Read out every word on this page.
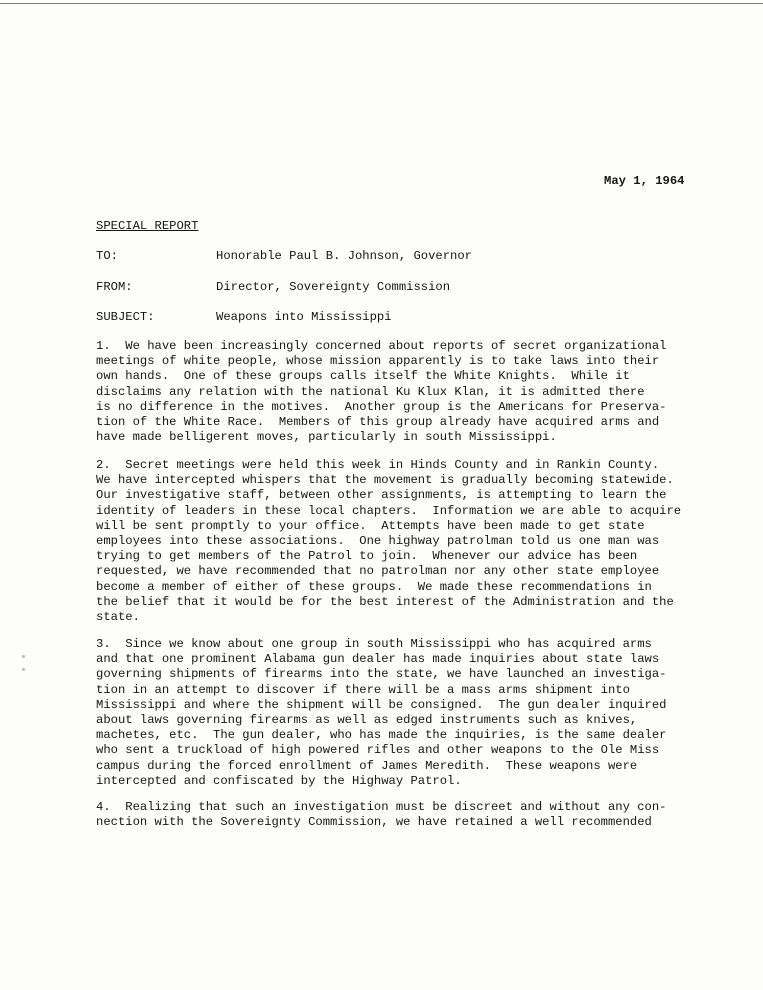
May 1, 1964
SPECIAL REPORT

TO:

	Honorable Paul B. Johnson, Governor

FROM:

	Director, Sovereignty Commission

SUBJECT:

	Weapons into Mississippi

1.  We have been increasingly concerned about reports of secret organizational
meetings of white people, whose mission apparently is to take laws into their
own hands.  One of these groups calls itself the White Knights.  While it
disclaims any relation with the national Ku Klux Klan, it is admitted there
is no difference in the motives.  Another group is the Americans for Preserva-
tion of the White Race.  Members of this group already have acquired arms and
have made belligerent moves, particularly in south Mississippi.
2.  Secret meetings were held this week in Hinds County and in Rankin County.
We have intercepted whispers that the movement is gradually becoming statewide.
Our investigative staff, between other assignments, is attempting to learn the
identity of leaders in these local chapters.  Information we are able to acquire
will be sent promptly to your office.  Attempts have been made to get state
employees into these associations.  One highway patrolman told us one man was
trying to get members of the Patrol to join.  Whenever our advice has been
requested, we have recommended that no patrolman nor any other state employee
become a member of either of these groups.  We made these recommendations in
the belief that it would be for the best interest of the Administration and the
state.
3.  Since we know about one group in south Mississippi who has acquired arms
and that one prominent Alabama gun dealer has made inquiries about state laws
governing shipments of firearms into the state, we have launched an investiga-
tion in an attempt to discover if there will be a mass arms shipment into
Mississippi and where the shipment will be consigned.  The gun dealer inquired
about laws governing firearms as well as edged instruments such as knives,
machetes, etc.  The gun dealer, who has made the inquiries, is the same dealer
who sent a truckload of high powered rifles and other weapons to the Ole Miss
campus during the forced enrollment of James Meredith.  These weapons were
intercepted and confiscated by the Highway Patrol.
4.  Realizing that such an investigation must be discreet and without any con-
nection with the Sovereignty Commission, we have retained a well recommended
